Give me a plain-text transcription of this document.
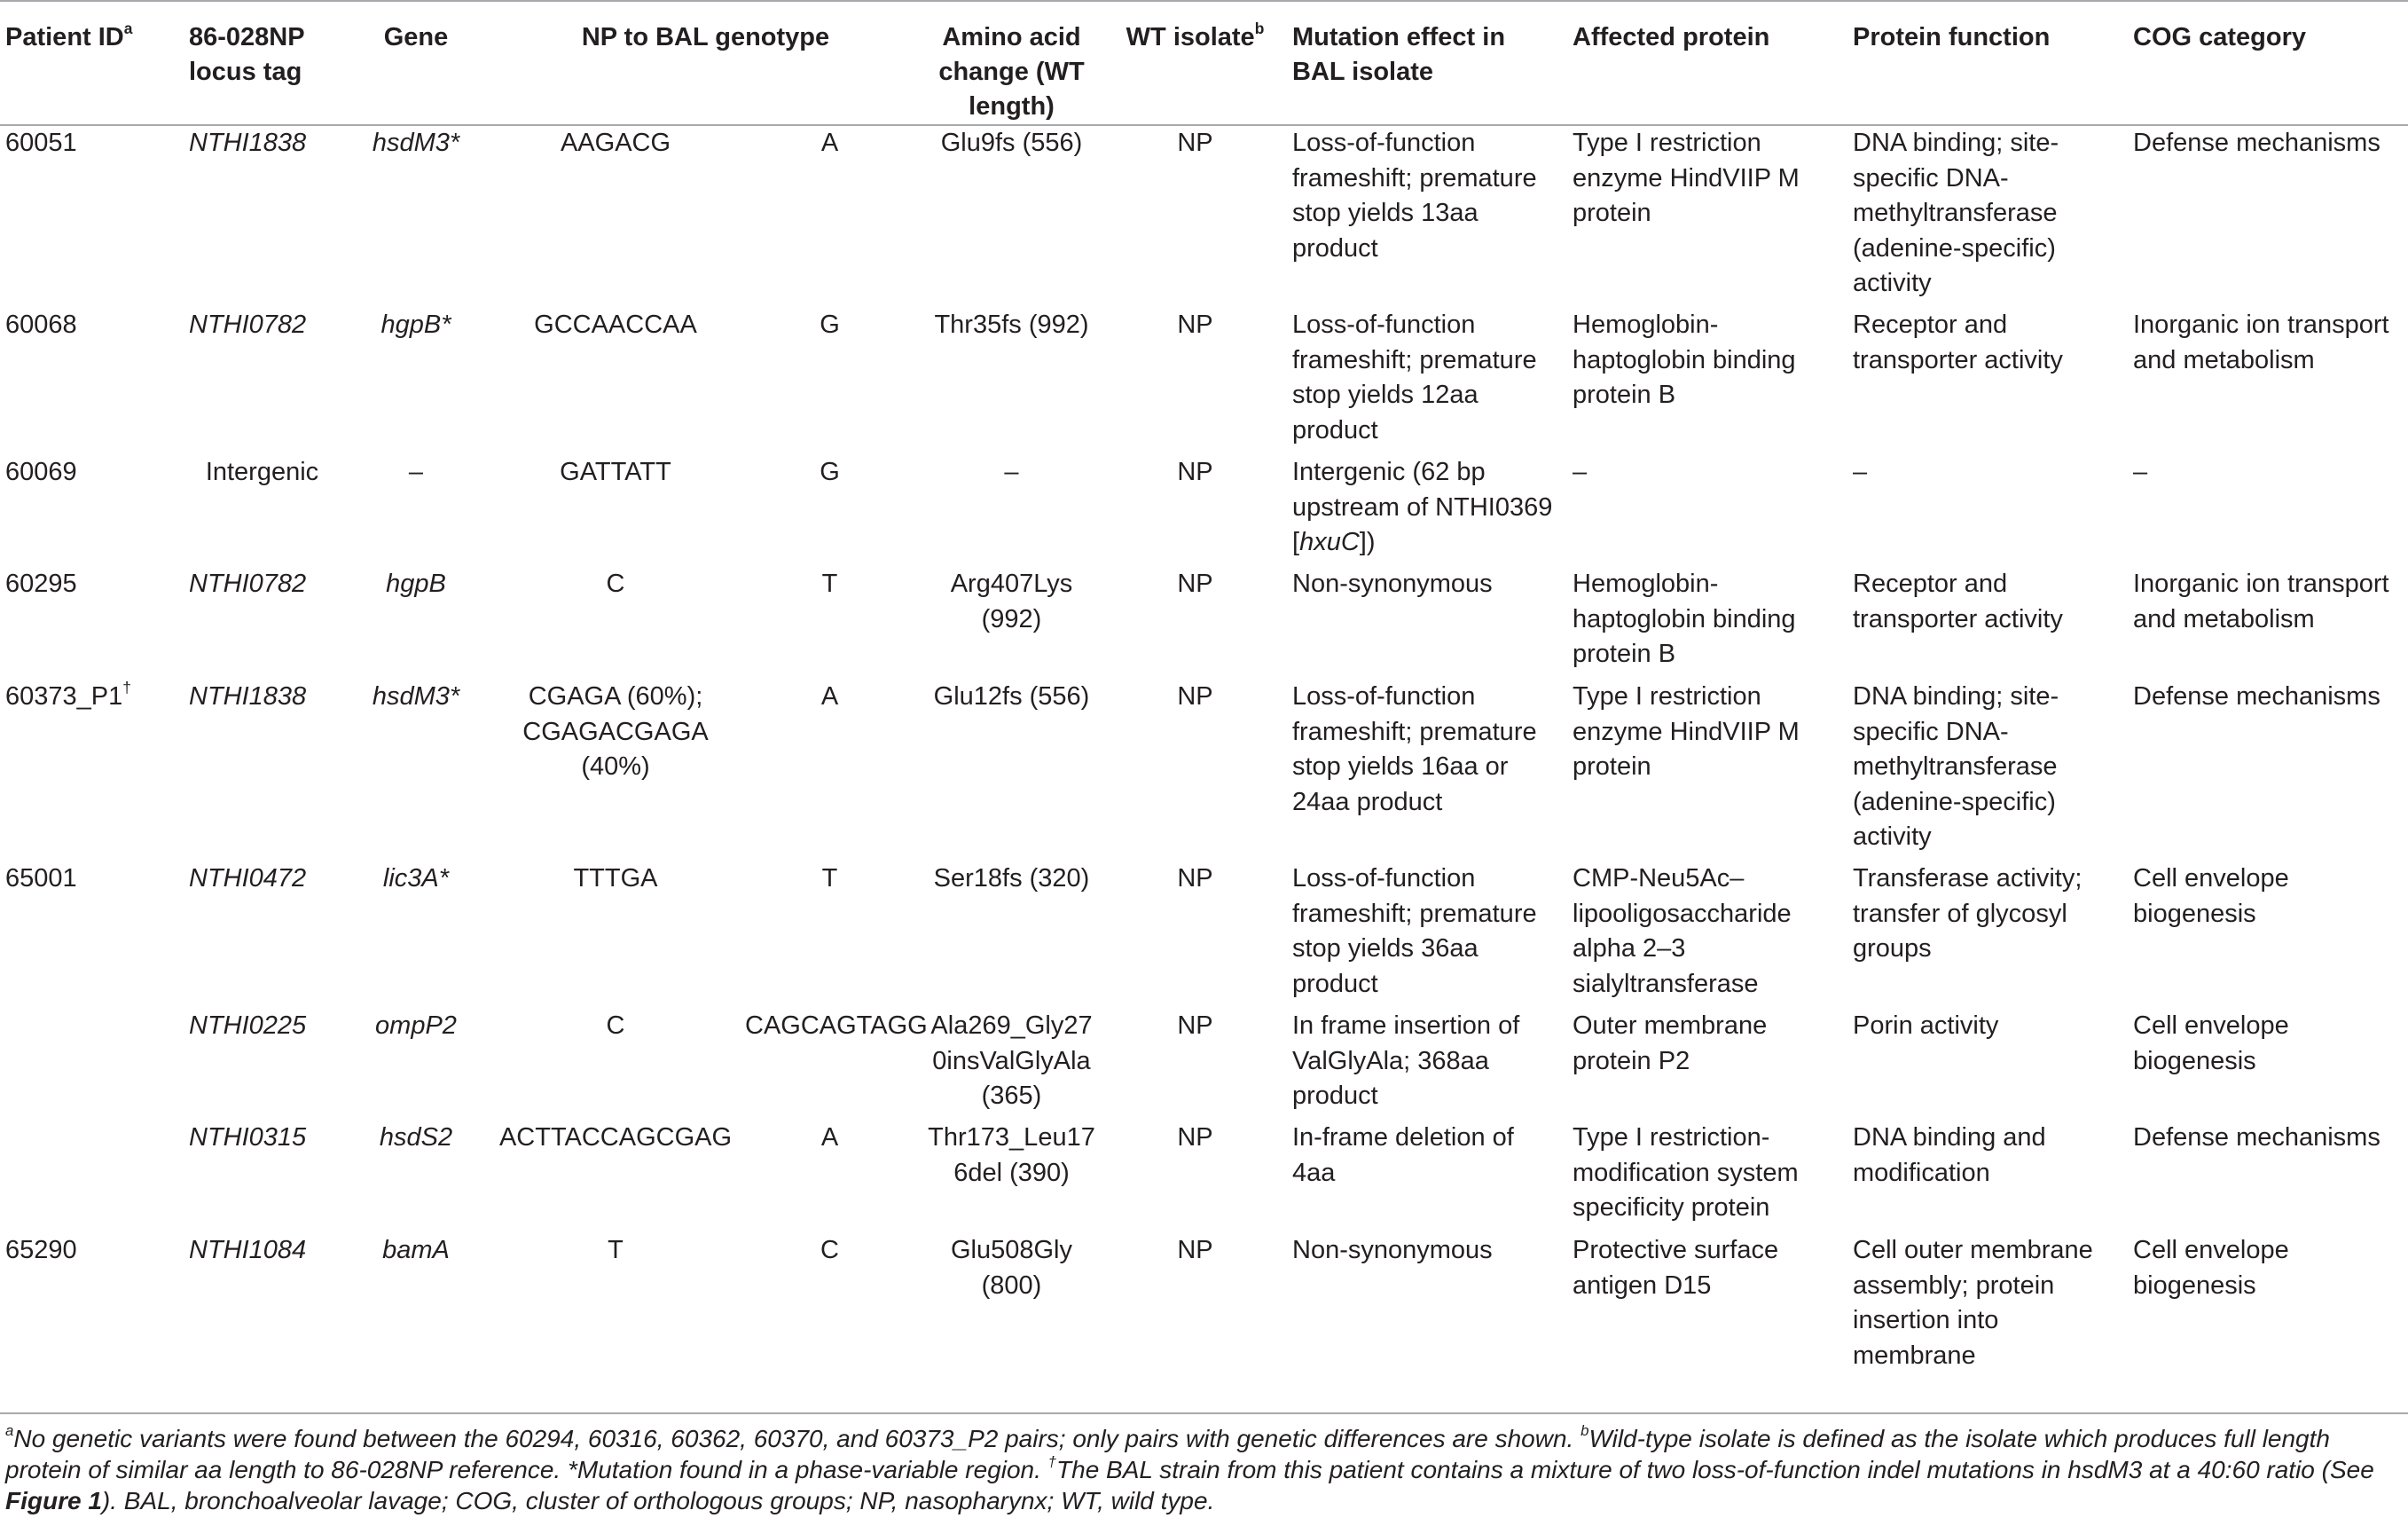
Patient $ID^a$	86-028NP locus tag	Gene	NP to BAL genotype		Amino acid change (WT length)	WT isolate$^b$	Mutation effect in BAL isolate	Affected protein	Protein function	COG category
60051	NTHI1838	hsdM3*	AAGACG	A	Glu9fs (556)	NP	Loss-of-function frameshift; premature stop yields 13aa product	Type I restriction enzyme HindVIIP M protein	DNA binding; site-specific DNA-methyltransferase (adenine-specific) activity	Defense mechanisms
60068	NTHI0782	hgpB*	GCCAACCAA	G	Thr35fs (992)	NP	Loss-of-function frameshift; premature stop yields 12aa product	Hemoglobin-haptoglobin binding protein B	Receptor and transporter activity	Inorganic ion transport and metabolism
60069	Intergenic	–	GATTATT	G	–	NP	Intergenic (62 bp upstream of NTHI0369 [hxuC])	–	–	–
60295	NTHI0782	hgpB	C	T	Arg407Lys (992)	NP	Non-synonymous	Hemoglobin-haptoglobin binding protein B	Receptor and transporter activity	Inorganic ion transport and metabolism
60373_P1†	NTHI1838	hsdM3*	CGAGA (60%); CGAGACGAGA (40%)	A	Glu12fs (556)	NP	Loss-of-function frameshift; premature stop yields 16aa or 24aa product	Type I restriction enzyme HindVIIP M protein	DNA binding; site-specific DNA-methyltransferase (adenine-specific) activity	Defense mechanisms
65001	NTHI0472	lic3A*	TTTGA	T	Ser18fs (320)	NP	Loss-of-function frameshift; premature stop yields 36aa product	CMP-Neu5Ac–lipooligosaccharide alpha 2–3 sialyltransferase	Transferase activity; transfer of glycosyl groups	Cell envelope biogenesis
	NTHI0225	ompP2	C	CAGCAGTAGG	Ala269_Gly270insValGlyAla (365)	NP	In frame insertion of ValGlyAla; 368aa product	Outer membrane protein P2	Porin activity	Cell envelope biogenesis
	NTHI0315	hsdS2	ACTTACCAGCGAG	A	Thr173_Leu176del (390)	NP	In-frame deletion of 4aa	Type I restriction-modification system specificity protein	DNA binding and modification	Defense mechanisms
65290	NTHI1084	bamA	T	C	Glu508Gly (800)	NP	Non-synonymous	Protective surface antigen D15	Cell outer membrane assembly; protein insertion into membrane	Cell envelope biogenesis
$^a$No genetic variants were found between the 60294, 60316, 60362, 60370, and 60373_P2 pairs; only pairs with genetic differences are shown. $^b$Wild-type isolate is defined as the isolate which produces full length protein of similar aa length to 86-028NP reference. *Mutation found in a phase-variable region. †The BAL strain from this patient contains a mixture of two loss-of-function indel mutations in hsdM3 at a 40:60 ratio (See Figure 1). BAL, bronchoalveolar lavage; COG, cluster of orthologous groups; NP, nasopharynx; WT, wild type.
